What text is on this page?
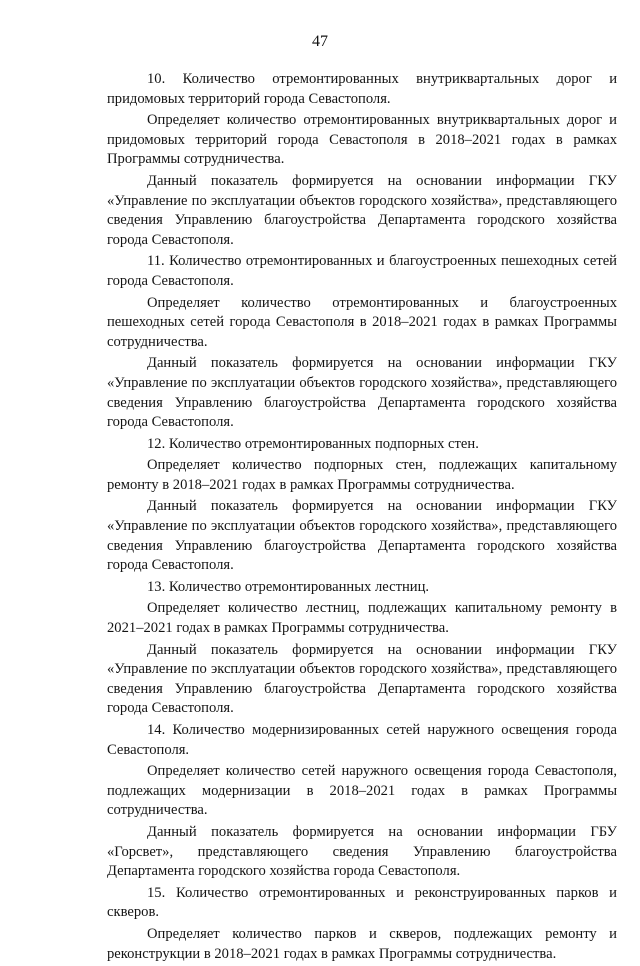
47

10. Количество отремонтированных внутриквартальных дорог и придомовых территорий города Севастополя.

Определяет количество отремонтированных внутриквартальных дорог и придомовых территорий города Севастополя в 2018–2021 годах в рамках Программы сотрудничества.

Данный показатель формируется на основании информации ГКУ «Управление по эксплуатации объектов городского хозяйства», представляющего сведения Управлению благоустройства Департамента городского хозяйства города Севастополя.

11. Количество отремонтированных и благоустроенных пешеходных сетей города Севастополя.

Определяет количество отремонтированных и благоустроенных пешеходных сетей города Севастополя в 2018–2021 годах в рамках Программы сотрудничества.

Данный показатель формируется на основании информации ГКУ «Управление по эксплуатации объектов городского хозяйства», представляющего сведения Управлению благоустройства Департамента городского хозяйства города Севастополя.

12. Количество отремонтированных подпорных стен.

Определяет количество подпорных стен, подлежащих капитальному ремонту в 2018–2021 годах в рамках Программы сотрудничества.

Данный показатель формируется на основании информации ГКУ «Управление по эксплуатации объектов городского хозяйства», представляющего сведения Управлению благоустройства Департамента городского хозяйства города Севастополя.

13. Количество отремонтированных лестниц.

Определяет количество лестниц, подлежащих капитальному ремонту в 2021–2021 годах в рамках Программы сотрудничества.

Данный показатель формируется на основании информации ГКУ «Управление по эксплуатации объектов городского хозяйства», представляющего сведения Управлению благоустройства Департамента городского хозяйства города Севастополя.

14. Количество модернизированных сетей наружного освещения города Севастополя.

Определяет количество сетей наружного освещения города Севастополя, подлежащих модернизации в 2018–2021 годах в рамках Программы сотрудничества.

Данный показатель формируется на основании информации ГБУ «Горсвет», представляющего сведения Управлению благоустройства Департамента городского хозяйства города Севастополя.

15. Количество отремонтированных и реконструированных парков и скверов.

Определяет количество парков и скверов, подлежащих ремонту и реконструкции в 2018–2021 годах в рамках Программы сотрудничества.
